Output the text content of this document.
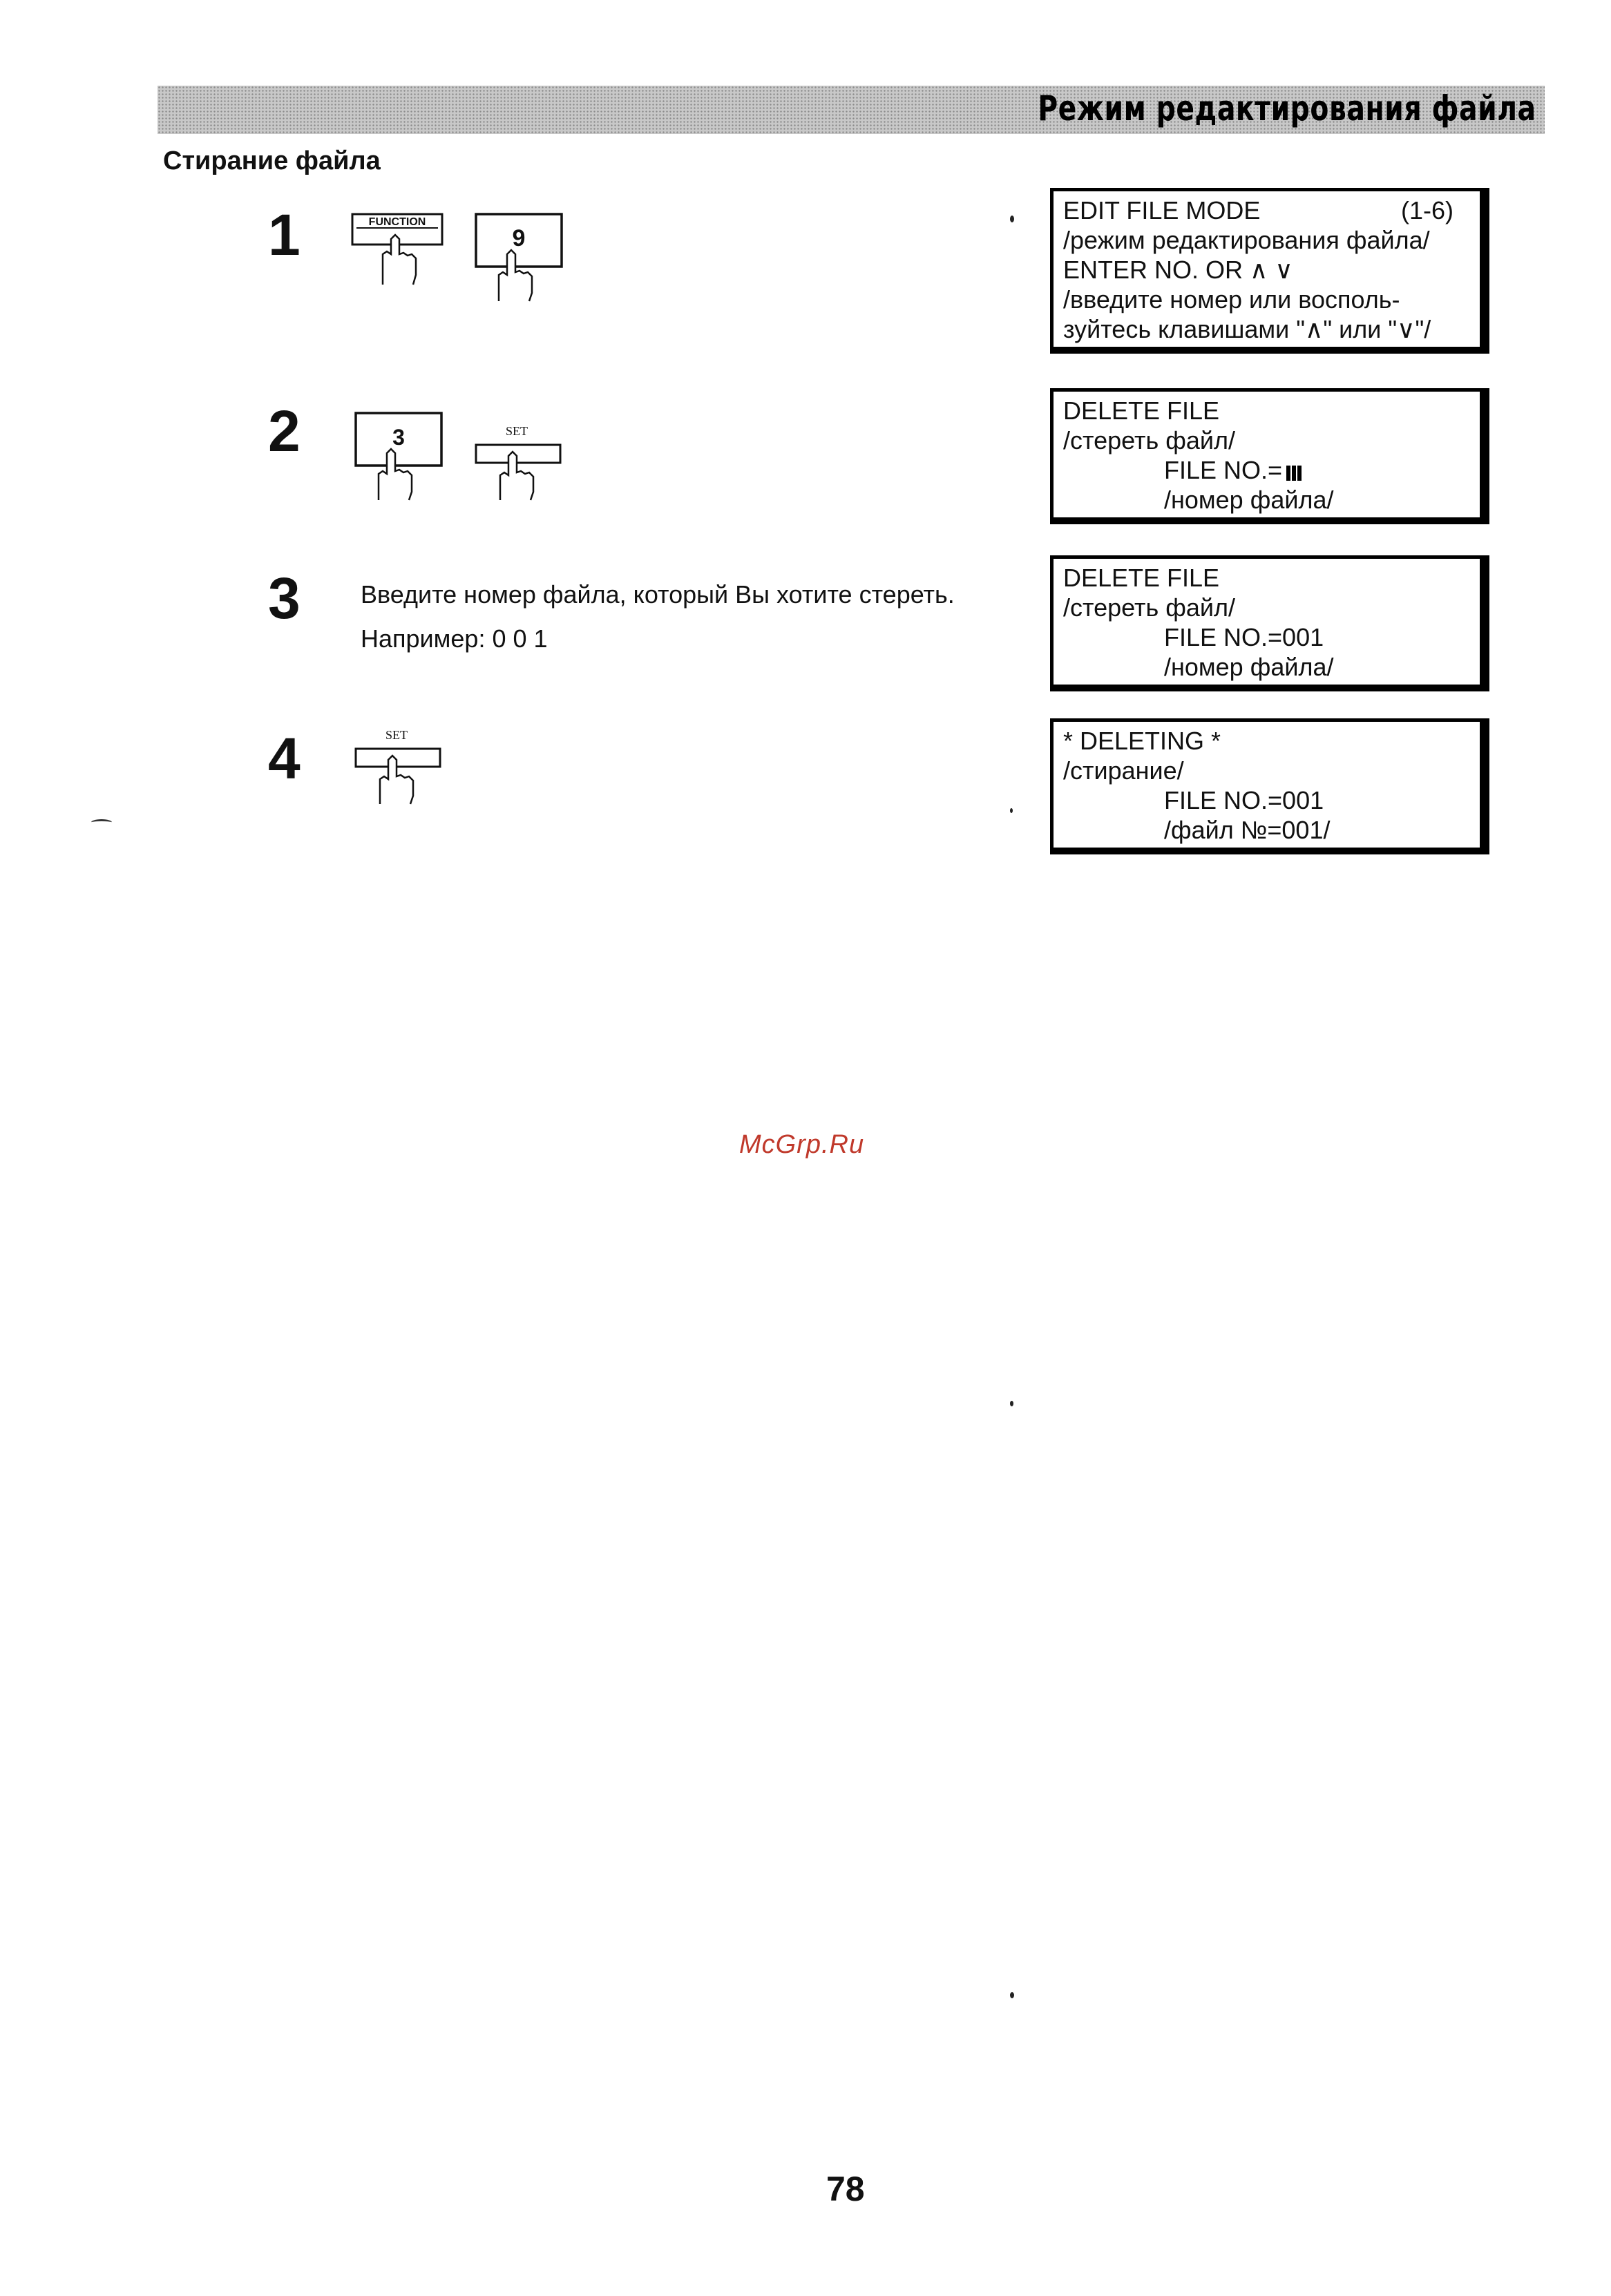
Режим редактирования файла
Стирание файла
1	FUNCTION
9
2	3	SET
3 Введите номер файла, который Вы хотите стереть.
Например: 0 0 1
4	SET
EDIT FILE MODE	(1-6)
/режим редактирования файла/
ENTER NO. OR ∧ ∨
/введите номер или восполь-
зуйтесь клавишами "∧" или "∨"/
DELETE FILE
/стереть файл/
FILE NO.=
/номер файла/
DELETE FILE
/стереть файл/
FILE NO.=001
/номер файла/
* DELETING *
/стирание/
FILE NO.=001
/файл №=001/
McGrp.Ru
78
